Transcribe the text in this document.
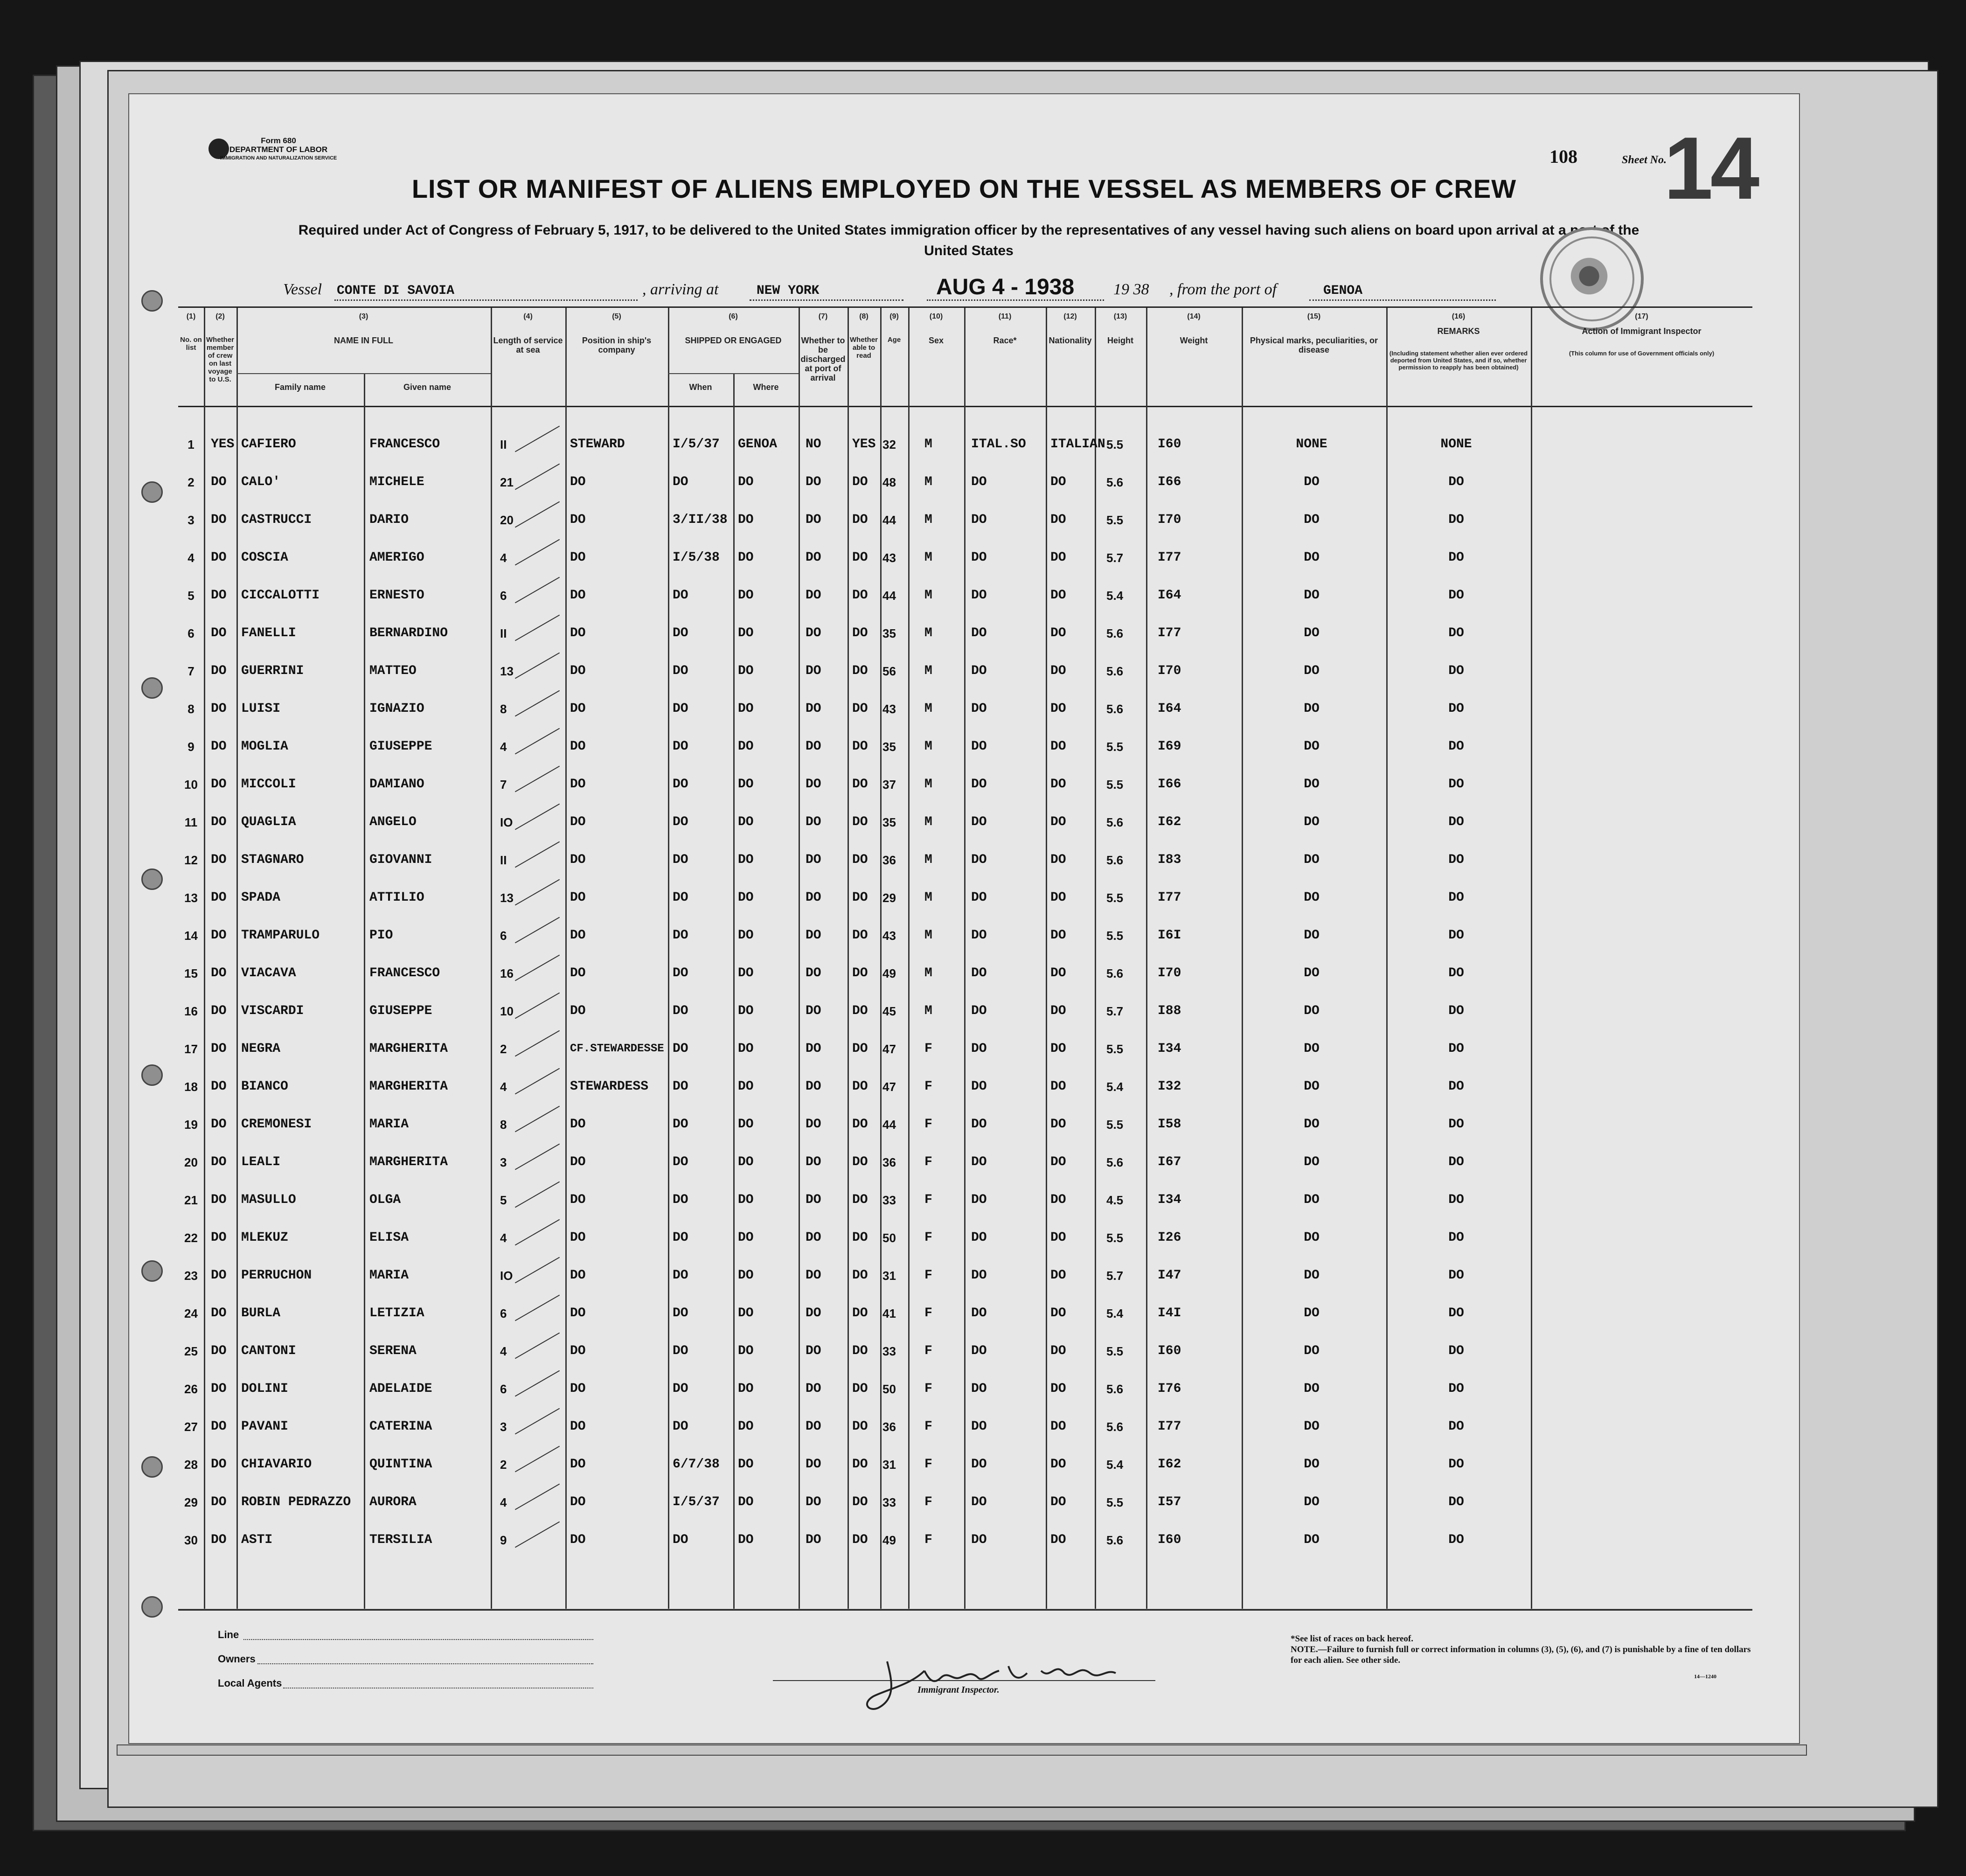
Form 680
DEPARTMENT OF LABOR
IMMIGRATION AND NATURALIZATION SERVICE	108	Sheet No.
14
LIST OR MANIFEST OF ALIENS EMPLOYED ON THE VESSEL AS MEMBERS OF CREW
Required under Act of Congress of February 5, 1917, to be delivered to the United States immigration officer by the representatives of any vessel having such aliens on board upon arrival at a port of the United States
Vessel CONTE DI SAVOIA	, arriving at	NEW YORK	AUG 4 - 1938 19 38 , from the port of	GENOA
(1)
No. on list
(2)
Whether member of crew on last voyage to U.S.
(3)
NAME IN FULL
(4)
Length of service at sea
(5)
Position in ship's company
(6)
SHIPPED OR ENGAGED
(7)
Whether to be discharged at port of arrival
(8)
Whether able to read
(9)
Age
(10)
Sex
(11)
Race*
(12)
Nationality
(13)
Height
(14)
Weight
(15)
Physical marks, peculiarities, or disease
(16)
REMARKS
(Including statement whether alien ever ordered deported from United States, and if so, whether permission to reapply has been obtained)
(17)
Action of Immigrant Inspector
(This column for use of Government officials only)
Family name	Given name	When	Where
1	YES CAFIERO	FRANCESCO	II	STEWARD	I/5/37	GENOA	NO	YES 32	M	ITAL.SO	ITALIAN 5.5	I60	NONE	NONE
2	DO	CALO'	MICHELE	21	DO	DO	DO	DO	DO	48	M	DO	DO	5.6	I66	DO	DO
3	DO	CASTRUCCI	DARIO	20	DO	3/II/38 DO	DO	DO	44	M	DO	DO	5.5	I70	DO	DO
4	DO	COSCIA	AMERIGO	4	DO	I/5/38	DO	DO	DO	43	M	DO	DO	5.7	I77	DO	DO
5	DO	CICCALOTTI	ERNESTO	6	DO	DO	DO	DO	DO	44	M	DO	DO	5.4	I64	DO	DO
6	DO	FANELLI	BERNARDINO	II	DO	DO	DO	DO	DO	35	M	DO	DO	5.6	I77	DO	DO
7	DO	GUERRINI	MATTEO	13	DO	DO	DO	DO	DO	56	M	DO	DO	5.6	I70	DO	DO
8	DO	LUISI	IGNAZIO	8	DO	DO	DO	DO	DO	43	M	DO	DO	5.6	I64	DO	DO
9	DO	MOGLIA	GIUSEPPE	4	DO	DO	DO	DO	DO	35	M	DO	DO	5.5	I69	DO	DO
10 DO	MICCOLI	DAMIANO	7	DO	DO	DO	DO	DO	37	M	DO	DO	5.5	I66	DO	DO
11	DO	QUAGLIA	ANGELO	IO	DO	DO	DO	DO	DO	35	M	DO	DO	5.6	I62	DO	DO
12 DO	STAGNARO	GIOVANNI	II	DO	DO	DO	DO	DO	36	M	DO	DO	5.6	I83	DO	DO
13 DO	SPADA	ATTILIO	13	DO	DO	DO	DO	DO	29	M	DO	DO	5.5	I77	DO	DO
14 DO	TRAMPARULO	PIO	6	DO	DO	DO	DO	DO	43	M	DO	DO	5.5	I6I	DO	DO
15 DO	VIACAVA	FRANCESCO	16	DO	DO	DO	DO	DO	49	M	DO	DO	5.6	I70	DO	DO
16 DO	VISCARDI	GIUSEPPE	10	DO	DO	DO	DO	DO	45	M	DO	DO	5.7	I88	DO	DO
17 DO	NEGRA	MARGHERITA	2	CF.STEWARDESSE DO	DO	DO	DO	47	F	DO	DO	5.5	I34	DO	DO
18 DO	BIANCO	MARGHERITA	4	STEWARDESS	DO	DO	DO	DO	47	F	DO	DO	5.4	I32	DO	DO
19 DO	CREMONESI	MARIA	8	DO	DO	DO	DO	DO	44	F	DO	DO	5.5	I58	DO	DO
20 DO	LEALI	MARGHERITA	3	DO	DO	DO	DO	DO	36	F	DO	DO	5.6	I67	DO	DO
21 DO	MASULLO	OLGA	5	DO	DO	DO	DO	DO	33	F	DO	DO	4.5	I34	DO	DO
22 DO	MLEKUZ	ELISA	4	DO	DO	DO	DO	DO	50	F	DO	DO	5.5	I26	DO	DO
23 DO	PERRUCHON	MARIA	IO	DO	DO	DO	DO	DO	31	F	DO	DO	5.7	I47	DO	DO
24 DO	BURLA	LETIZIA	6	DO	DO	DO	DO	DO	41	F	DO	DO	5.4	I4I	DO	DO
25 DO	CANTONI	SERENA	4	DO	DO	DO	DO	DO	33	F	DO	DO	5.5	I60	DO	DO
26 DO	DOLINI	ADELAIDE	6	DO	DO	DO	DO	DO	50	F	DO	DO	5.6	I76	DO	DO
27 DO	PAVANI	CATERINA	3	DO	DO	DO	DO	DO	36	F	DO	DO	5.6	I77	DO	DO
28 DO	CHIAVARIO	QUINTINA	2	DO	6/7/38	DO	DO	DO	31	F	DO	DO	5.4	I62	DO	DO
29 DO	ROBIN PEDRAZZO	AURORA	4	DO	I/5/37	DO	DO	DO	33	F	DO	DO	5.5	I57	DO	DO
30 DO	ASTI	TERSILIA	9	DO	DO	DO	DO	DO	49	F	DO	DO	5.6	I60	DO	DO
Line
Owners
Local Agents
Immigrant Inspector.
*See list of races on back hereof.
NOTE.—Failure to furnish full or correct information in columns (3), (5), (6), and (7) is punishable by a fine of ten dollars for each alien. See other side.
14—1240
